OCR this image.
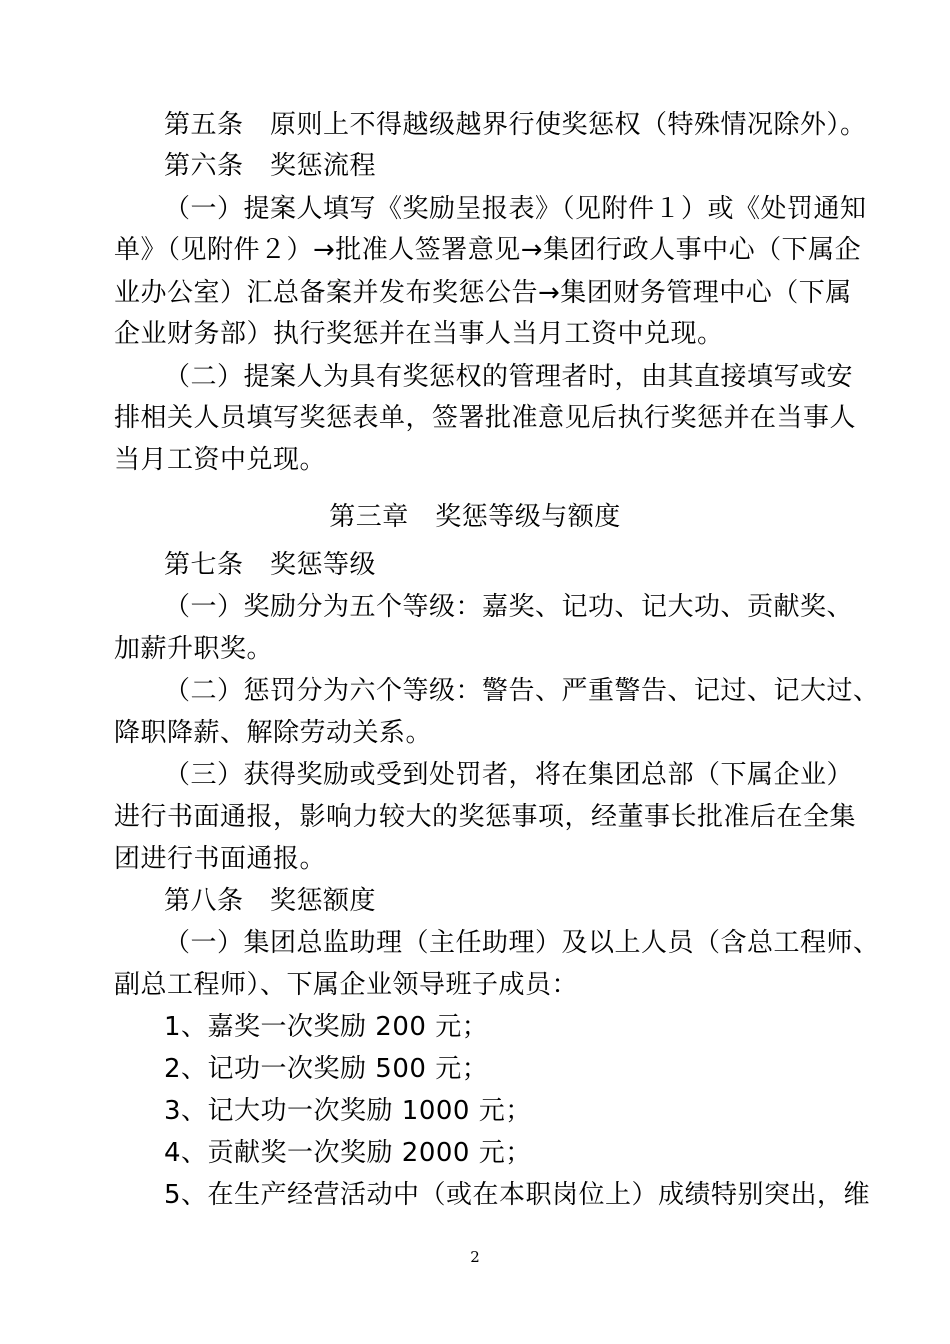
第五条　原则上不得越级越界行使奖惩权（特殊情况除外）。
第六条　奖惩流程
（一）提案人填写《奖励呈报表》（见附件１）或《处罚通知
单》（见附件２）→批准人签署意见→集团行政人事中心（下属企
业办公室）汇总备案并发布奖惩公告→集团财务管理中心（下属
企业财务部）执行奖惩并在当事人当月工资中兑现。
（二）提案人为具有奖惩权的管理者时，由其直接填写或安
排相关人员填写奖惩表单，签署批准意见后执行奖惩并在当事人
当月工资中兑现。
第三章　奖惩等级与额度
第七条　奖惩等级
（一）奖励分为五个等级：嘉奖、记功、记大功、贡献奖、
加薪升职奖。
（二）惩罚分为六个等级：警告、严重警告、记过、记大过、
降职降薪、解除劳动关系。
（三）获得奖励或受到处罚者，将在集团总部（下属企业）
进行书面通报，影响力较大的奖惩事项，经董事长批准后在全集
团进行书面通报。
第八条　奖惩额度
（一）集团总监助理（主任助理）及以上人员（含总工程师、
副总工程师）、下属企业领导班子成员：
1、嘉奖一次奖励 200 元；
2、记功一次奖励 500 元；
3、记大功一次奖励 1000 元；
4、贡献奖一次奖励 2000 元；
5、在生产经营活动中（或在本职岗位上）成绩特别突出，维
2
